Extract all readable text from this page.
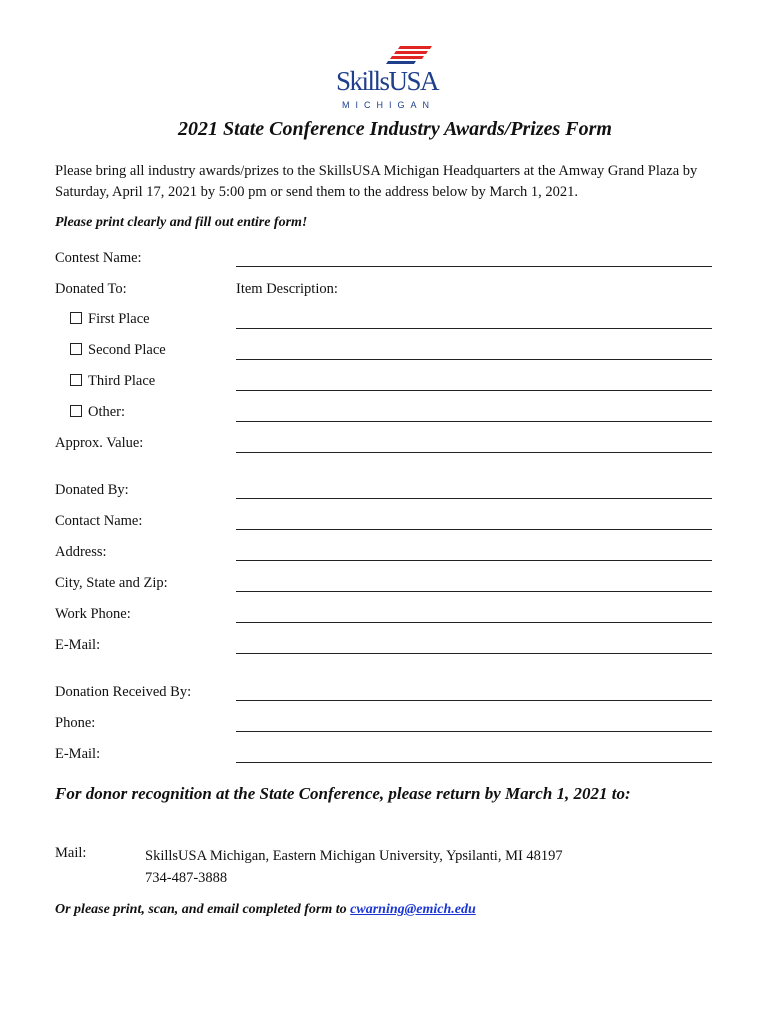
SkillsUSA
MICHIGAN
2021 State Conference Industry Awards/Prizes Form
Please bring all industry awards/prizes to the SkillsUSA Michigan Headquarters at the Amway Grand Plaza by Saturday, April 17, 2021 by 5:00 pm or send them to the address below by March 1, 2021.
Please print clearly and fill out entire form!
Contest Name:
Donated To:	Item Description:
First Place
Second Place
Third Place
Other:
Approx. Value:
Donated By:
Contact Name:
Address:
City, State and Zip:
Work Phone:
E-Mail:
Donation Received By:
Phone:
E-Mail:
For donor recognition at the State Conference, please return by March 1, 2021 to:
Mail:	SkillsUSA Michigan, Eastern Michigan University, Ypsilanti, MI 48197
734-487-3888
Or please print, scan, and email completed form to cwarning@emich.edu
